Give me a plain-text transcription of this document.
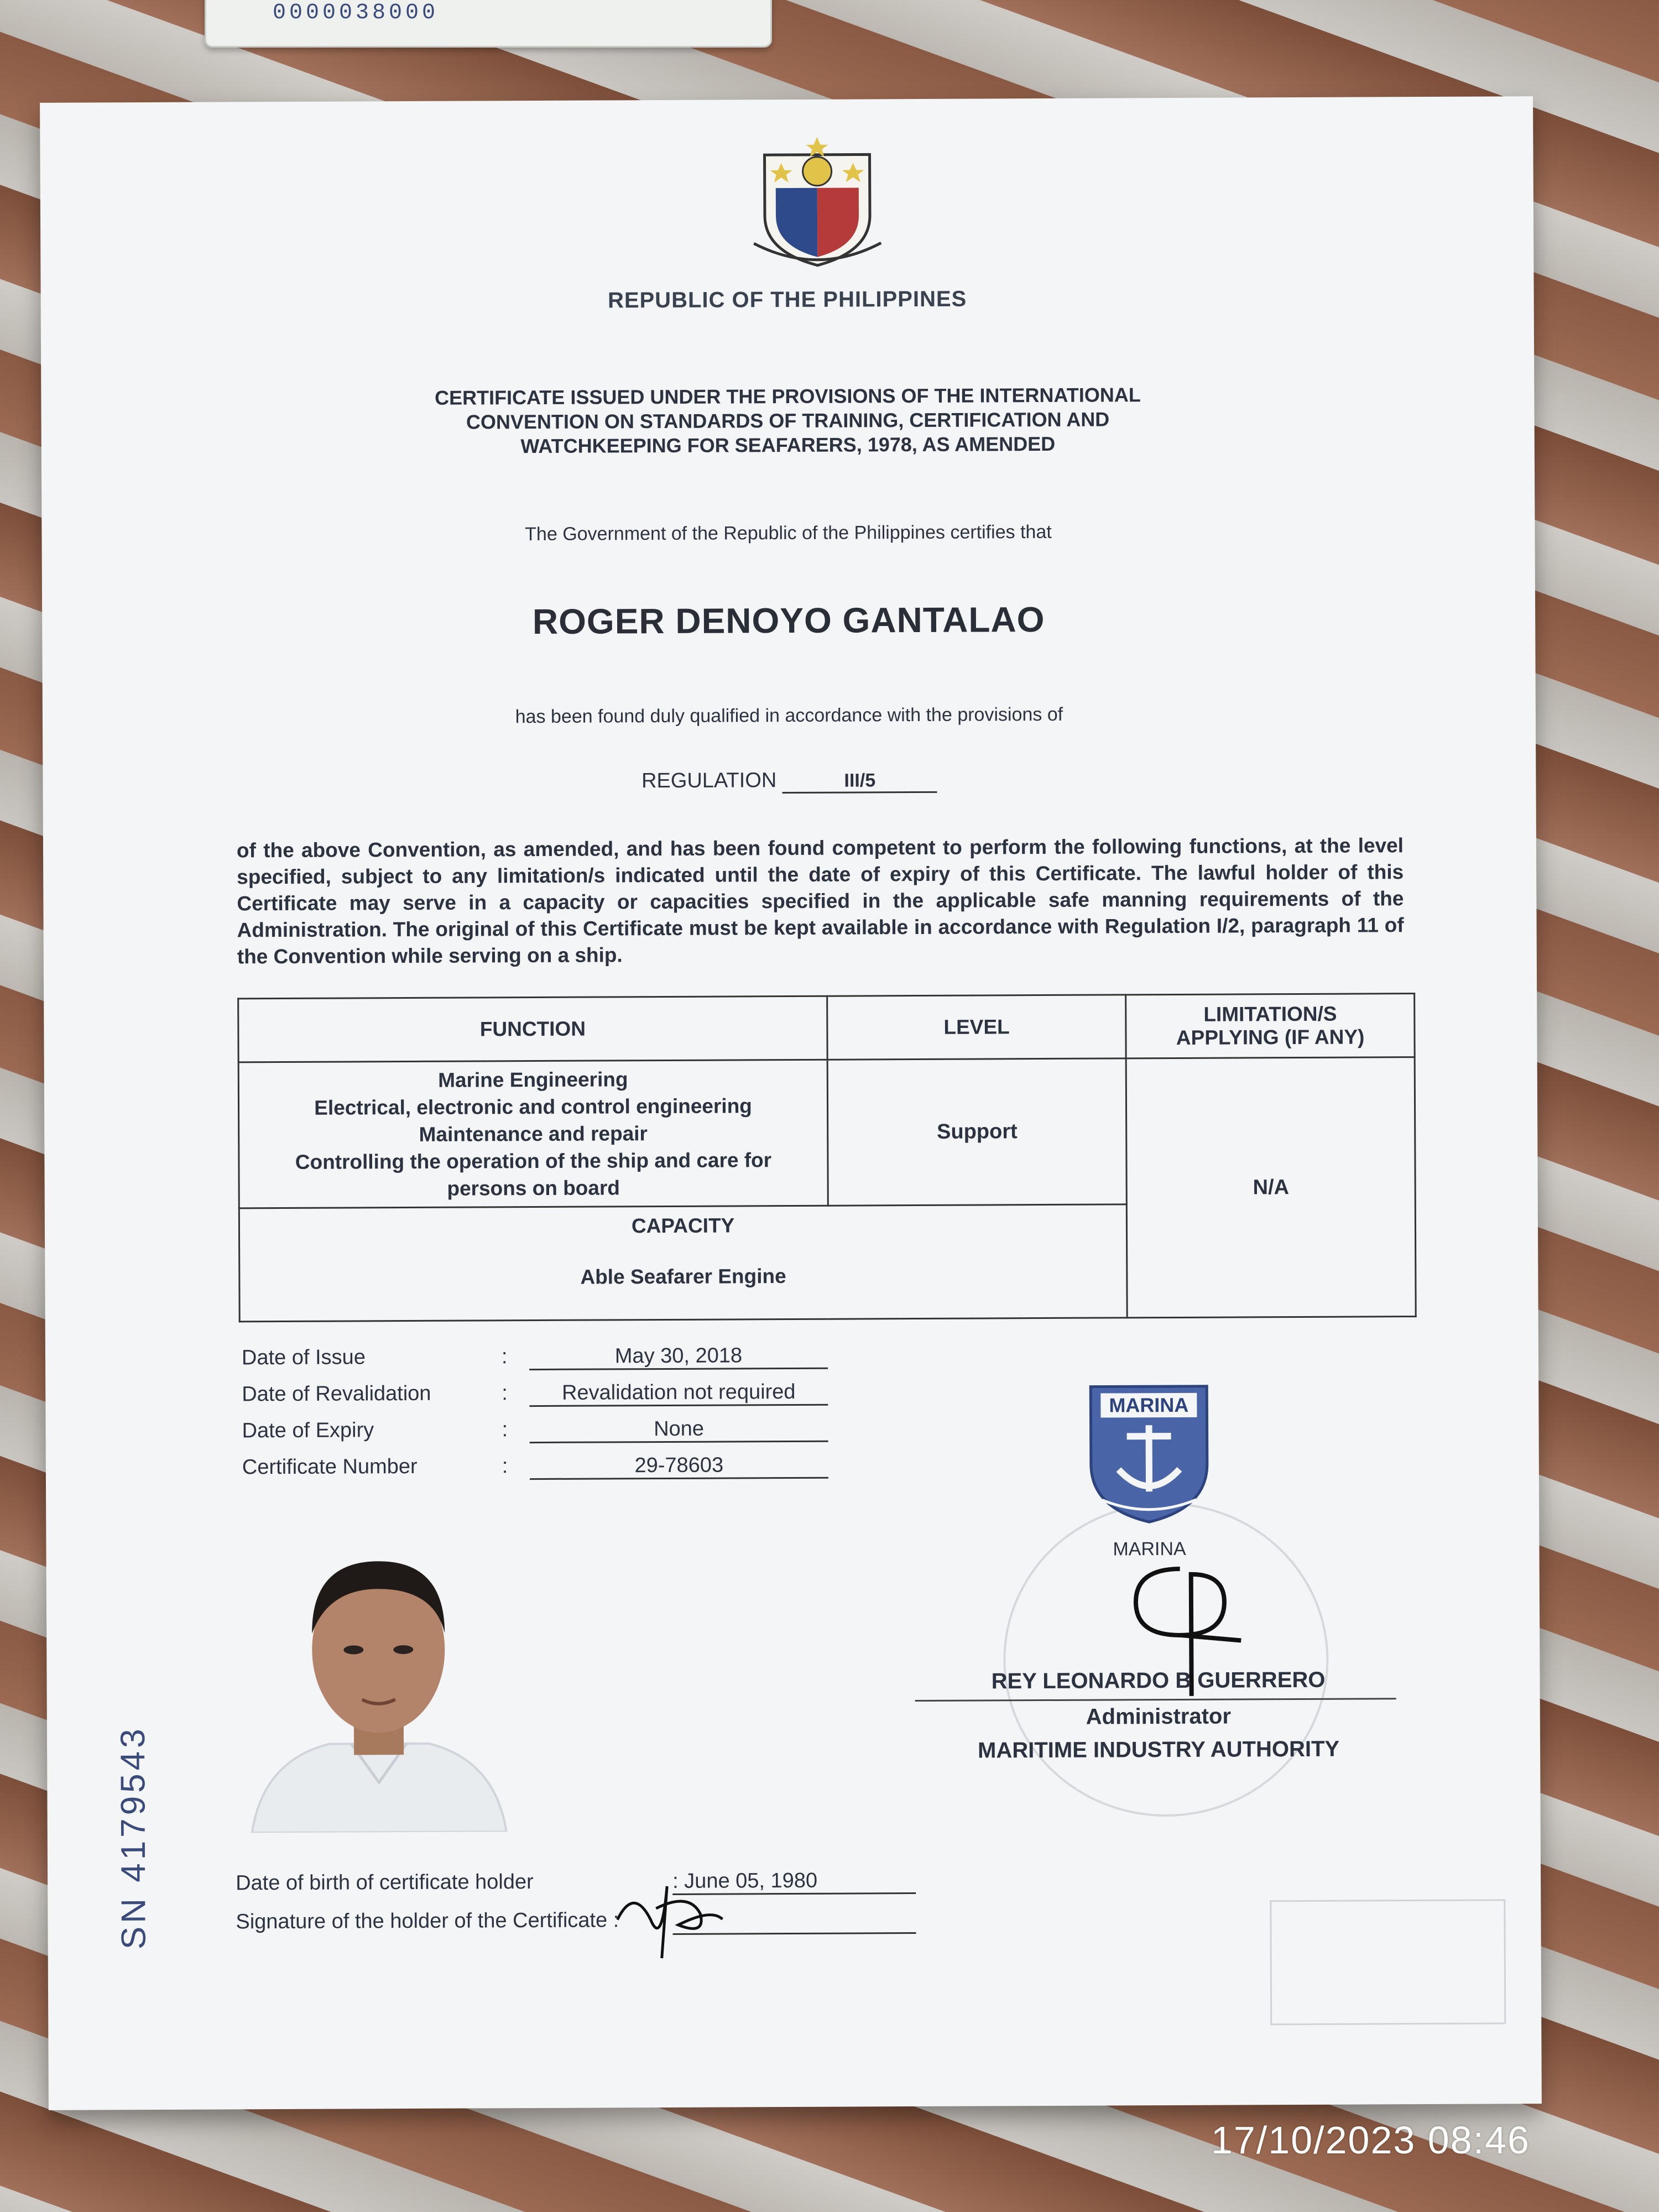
0000038000
REPUBLIC OF THE PHILIPPINES
CERTIFICATE ISSUED UNDER THE PROVISIONS OF THE INTERNATIONAL
CONVENTION ON STANDARDS OF TRAINING, CERTIFICATION AND
WATCHKEEPING FOR SEAFARERS, 1978, AS AMENDED
The Government of the Republic of the Philippines certifies that
ROGER DENOYO GANTALAO
has been found duly qualified in accordance with the provisions of
REGULATION	III/5
of the above Convention, as amended, and has been found competent to perform the following functions, at the level specified, subject to any limitation/s indicated until the date of expiry of this Certificate. The lawful holder of this Certificate may serve in a capacity or capacities specified in the applicable safe manning requirements of the Administration. The original of this Certificate must be kept available in accordance with Regulation I/2, paragraph 11 of the Convention while serving on a ship.
FUNCTION	LEVEL	LIMITATION/S
APPLYING (IF ANY)

Marine Engineering
Electrical, electronic and control engineering
Maintenance and repair
Controlling the operation of the ship and care for
persons on board	Support	N/A

CAPACITY
Able Seafarer Engine		
Date of Issue	:	May 30, 2018
Date of Revalidation	:	Revalidation not required
Date of Expiry	:	None
Certificate Number	:	29-78603
MARINA
MARINA
REY LEONARDO B GUERRERO
Administrator
MARITIME INDUSTRY AUTHORITY
Date of birth of certificate holder	: June 05, 1980
Signature of the holder of the Certificate :
SN 4179543
17/10/2023 08:46
